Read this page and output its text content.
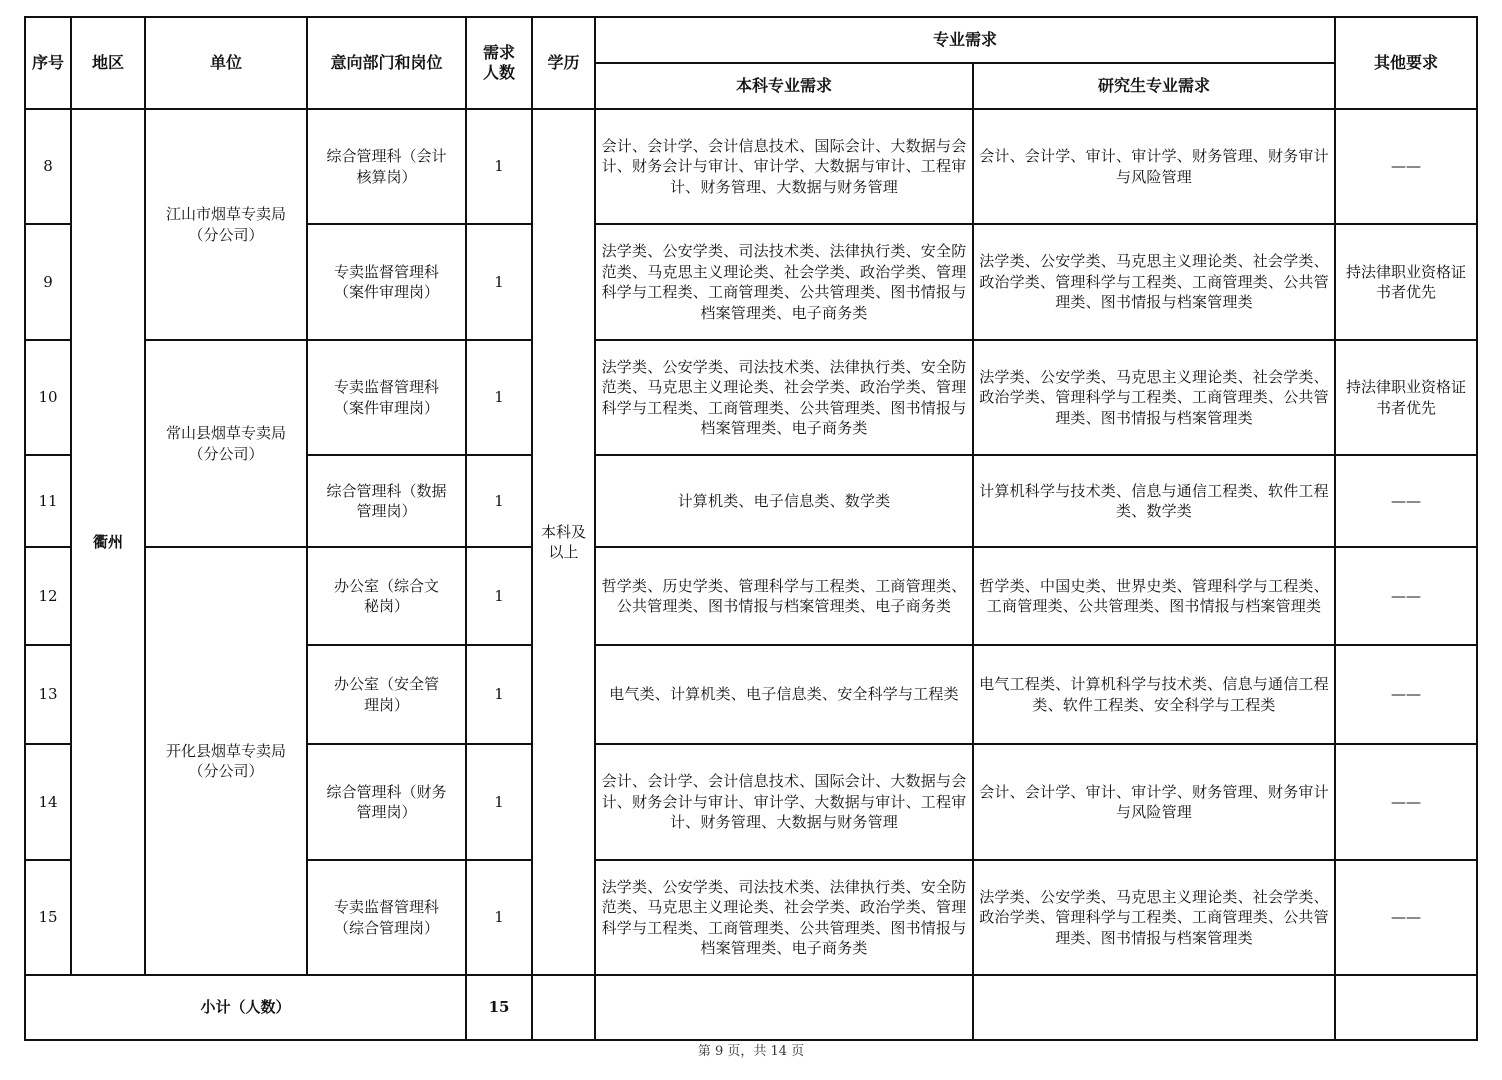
序号	地区	单位	意向部门和岗位	需求人数	学历	专业需求		其他要求
						本科专业需求	研究生专业需求	
8	衢州	江山市烟草专卖局（分公司）	综合管理科（会计核算岗）	1	本科及以上	会计、会计学、会计信息技术、国际会计、大数据与会计、财务会计与审计、审计学、大数据与审计、工程审计、财务管理、大数据与财务管理	会计、会计学、审计、审计学、财务管理、财务审计与风险管理	——
9			专卖监督管理科（案件审理岗）	1		法学类、公安学类、司法技术类、法律执行类、安全防范类、马克思主义理论类、社会学类、政治学类、管理科学与工程类、工商管理类、公共管理类、图书情报与档案管理类、电子商务类	法学类、公安学类、马克思主义理论类、社会学类、政治学类、管理科学与工程类、工商管理类、公共管理类、图书情报与档案管理类	持法律职业资格证书者优先
10		常山县烟草专卖局（分公司）	专卖监督管理科（案件审理岗）	1		法学类、公安学类、司法技术类、法律执行类、安全防范类、马克思主义理论类、社会学类、政治学类、管理科学与工程类、工商管理类、公共管理类、图书情报与档案管理类、电子商务类	法学类、公安学类、马克思主义理论类、社会学类、政治学类、管理科学与工程类、工商管理类、公共管理类、图书情报与档案管理类	持法律职业资格证书者优先
11			综合管理科（数据管理岗）	1		计算机类、电子信息类、数学类	计算机科学与技术类、信息与通信工程类、软件工程类、数学类	——
12		开化县烟草专卖局（分公司）	办公室（综合文秘岗）	1		哲学类、历史学类、管理科学与工程类、工商管理类、公共管理类、图书情报与档案管理类、电子商务类	哲学类、中国史类、世界史类、管理科学与工程类、工商管理类、公共管理类、图书情报与档案管理类	——
13			办公室（安全管理岗）	1		电气类、计算机类、电子信息类、安全科学与工程类	电气工程类、计算机科学与技术类、信息与通信工程类、软件工程类、安全科学与工程类	——
14			综合管理科（财务管理岗）	1		会计、会计学、会计信息技术、国际会计、大数据与会计、财务会计与审计、审计学、大数据与审计、工程审计、财务管理、大数据与财务管理	会计、会计学、审计、审计学、财务管理、财务审计与风险管理	——
15			专卖监督管理科（综合管理岗）	1		法学类、公安学类、司法技术类、法律执行类、安全防范类、马克思主义理论类、社会学类、政治学类、管理科学与工程类、工商管理类、公共管理类、图书情报与档案管理类、电子商务类	法学类、公安学类、马克思主义理论类、社会学类、政治学类、管理科学与工程类、工商管理类、公共管理类、图书情报与档案管理类	——
小计（人数）				15				
第 9 页，共 14 页
